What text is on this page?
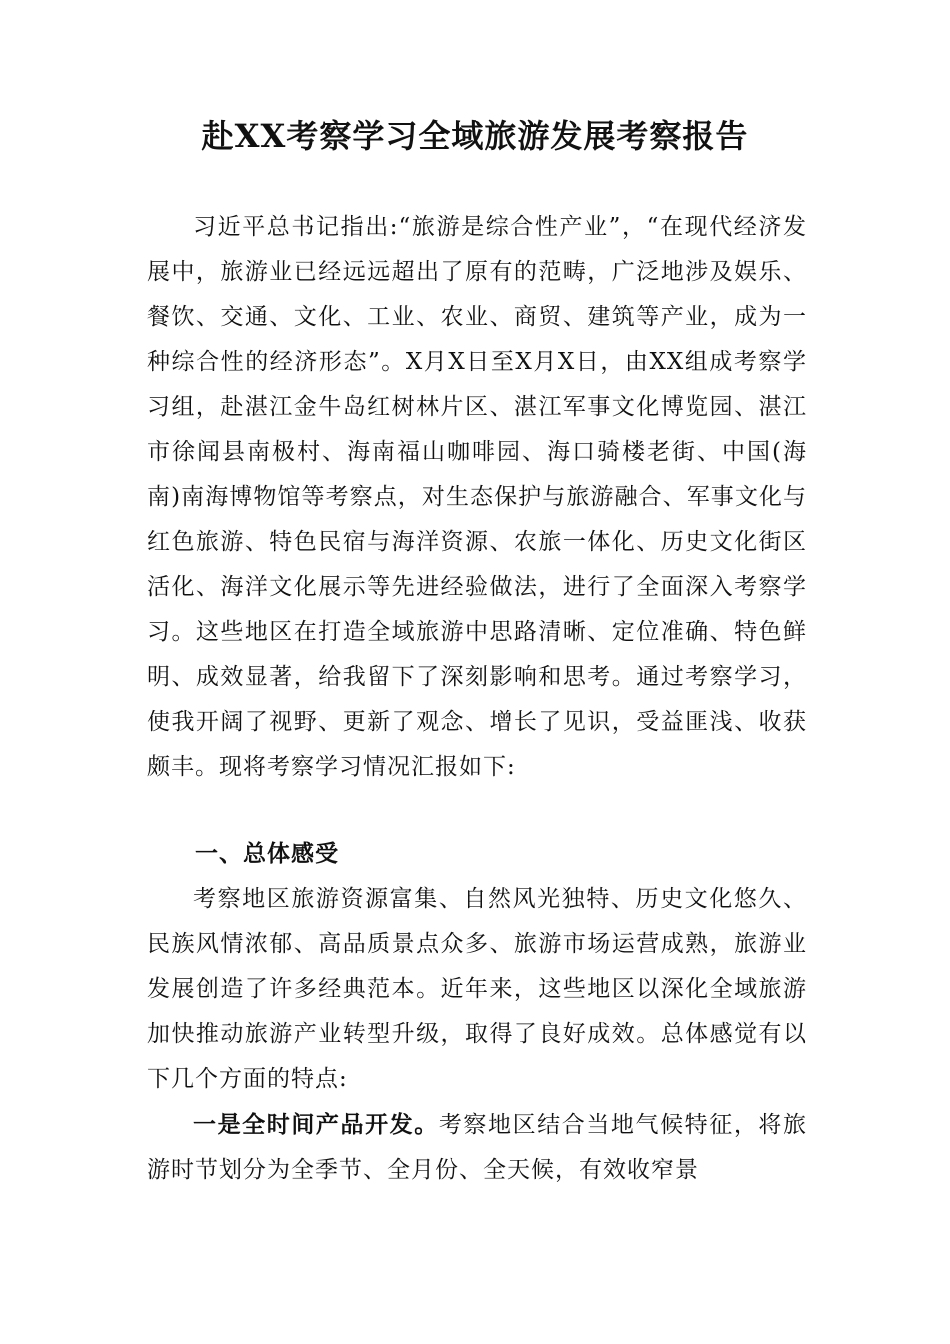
赴XX考察学习全域旅游发展考察报告

习近平总书记指出:“旅游是综合性产业”，“在现代经济发展中，旅游业已经远远超出了原有的范畴，广泛地涉及娱乐、餐饮、交通、文化、工业、农业、商贸、建筑等产业，成为一种综合性的经济形态”。X月X日至X月X日，由XX组成考察学习组，赴湛江金牛岛红树林片区、湛江军事文化博览园、湛江市徐闻县南极村、海南福山咖啡园、海口骑楼老街、中国(海南)南海博物馆等考察点，对生态保护与旅游融合、军事文化与红色旅游、特色民宿与海洋资源、农旅一体化、历史文化街区活化、海洋文化展示等先进经验做法，进行了全面深入考察学习。这些地区在打造全域旅游中思路清晰、定位准确、特色鲜明、成效显著，给我留下了深刻影响和思考。通过考察学习，使我开阔了视野、更新了观念、增长了见识，受益匪浅、收获颇丰。现将考察学习情况汇报如下:

一、总体感受

考察地区旅游资源富集、自然风光独特、历史文化悠久、民族风情浓郁、高品质景点众多、旅游市场运营成熟，旅游业发展创造了许多经典范本。近年来，这些地区以深化全域旅游加快推动旅游产业转型升级，取得了良好成效。总体感觉有以下几个方面的特点:

一是全时间产品开发。考察地区结合当地气候特征，将旅游时节划分为全季节、全月份、全天候，有效收窄景
